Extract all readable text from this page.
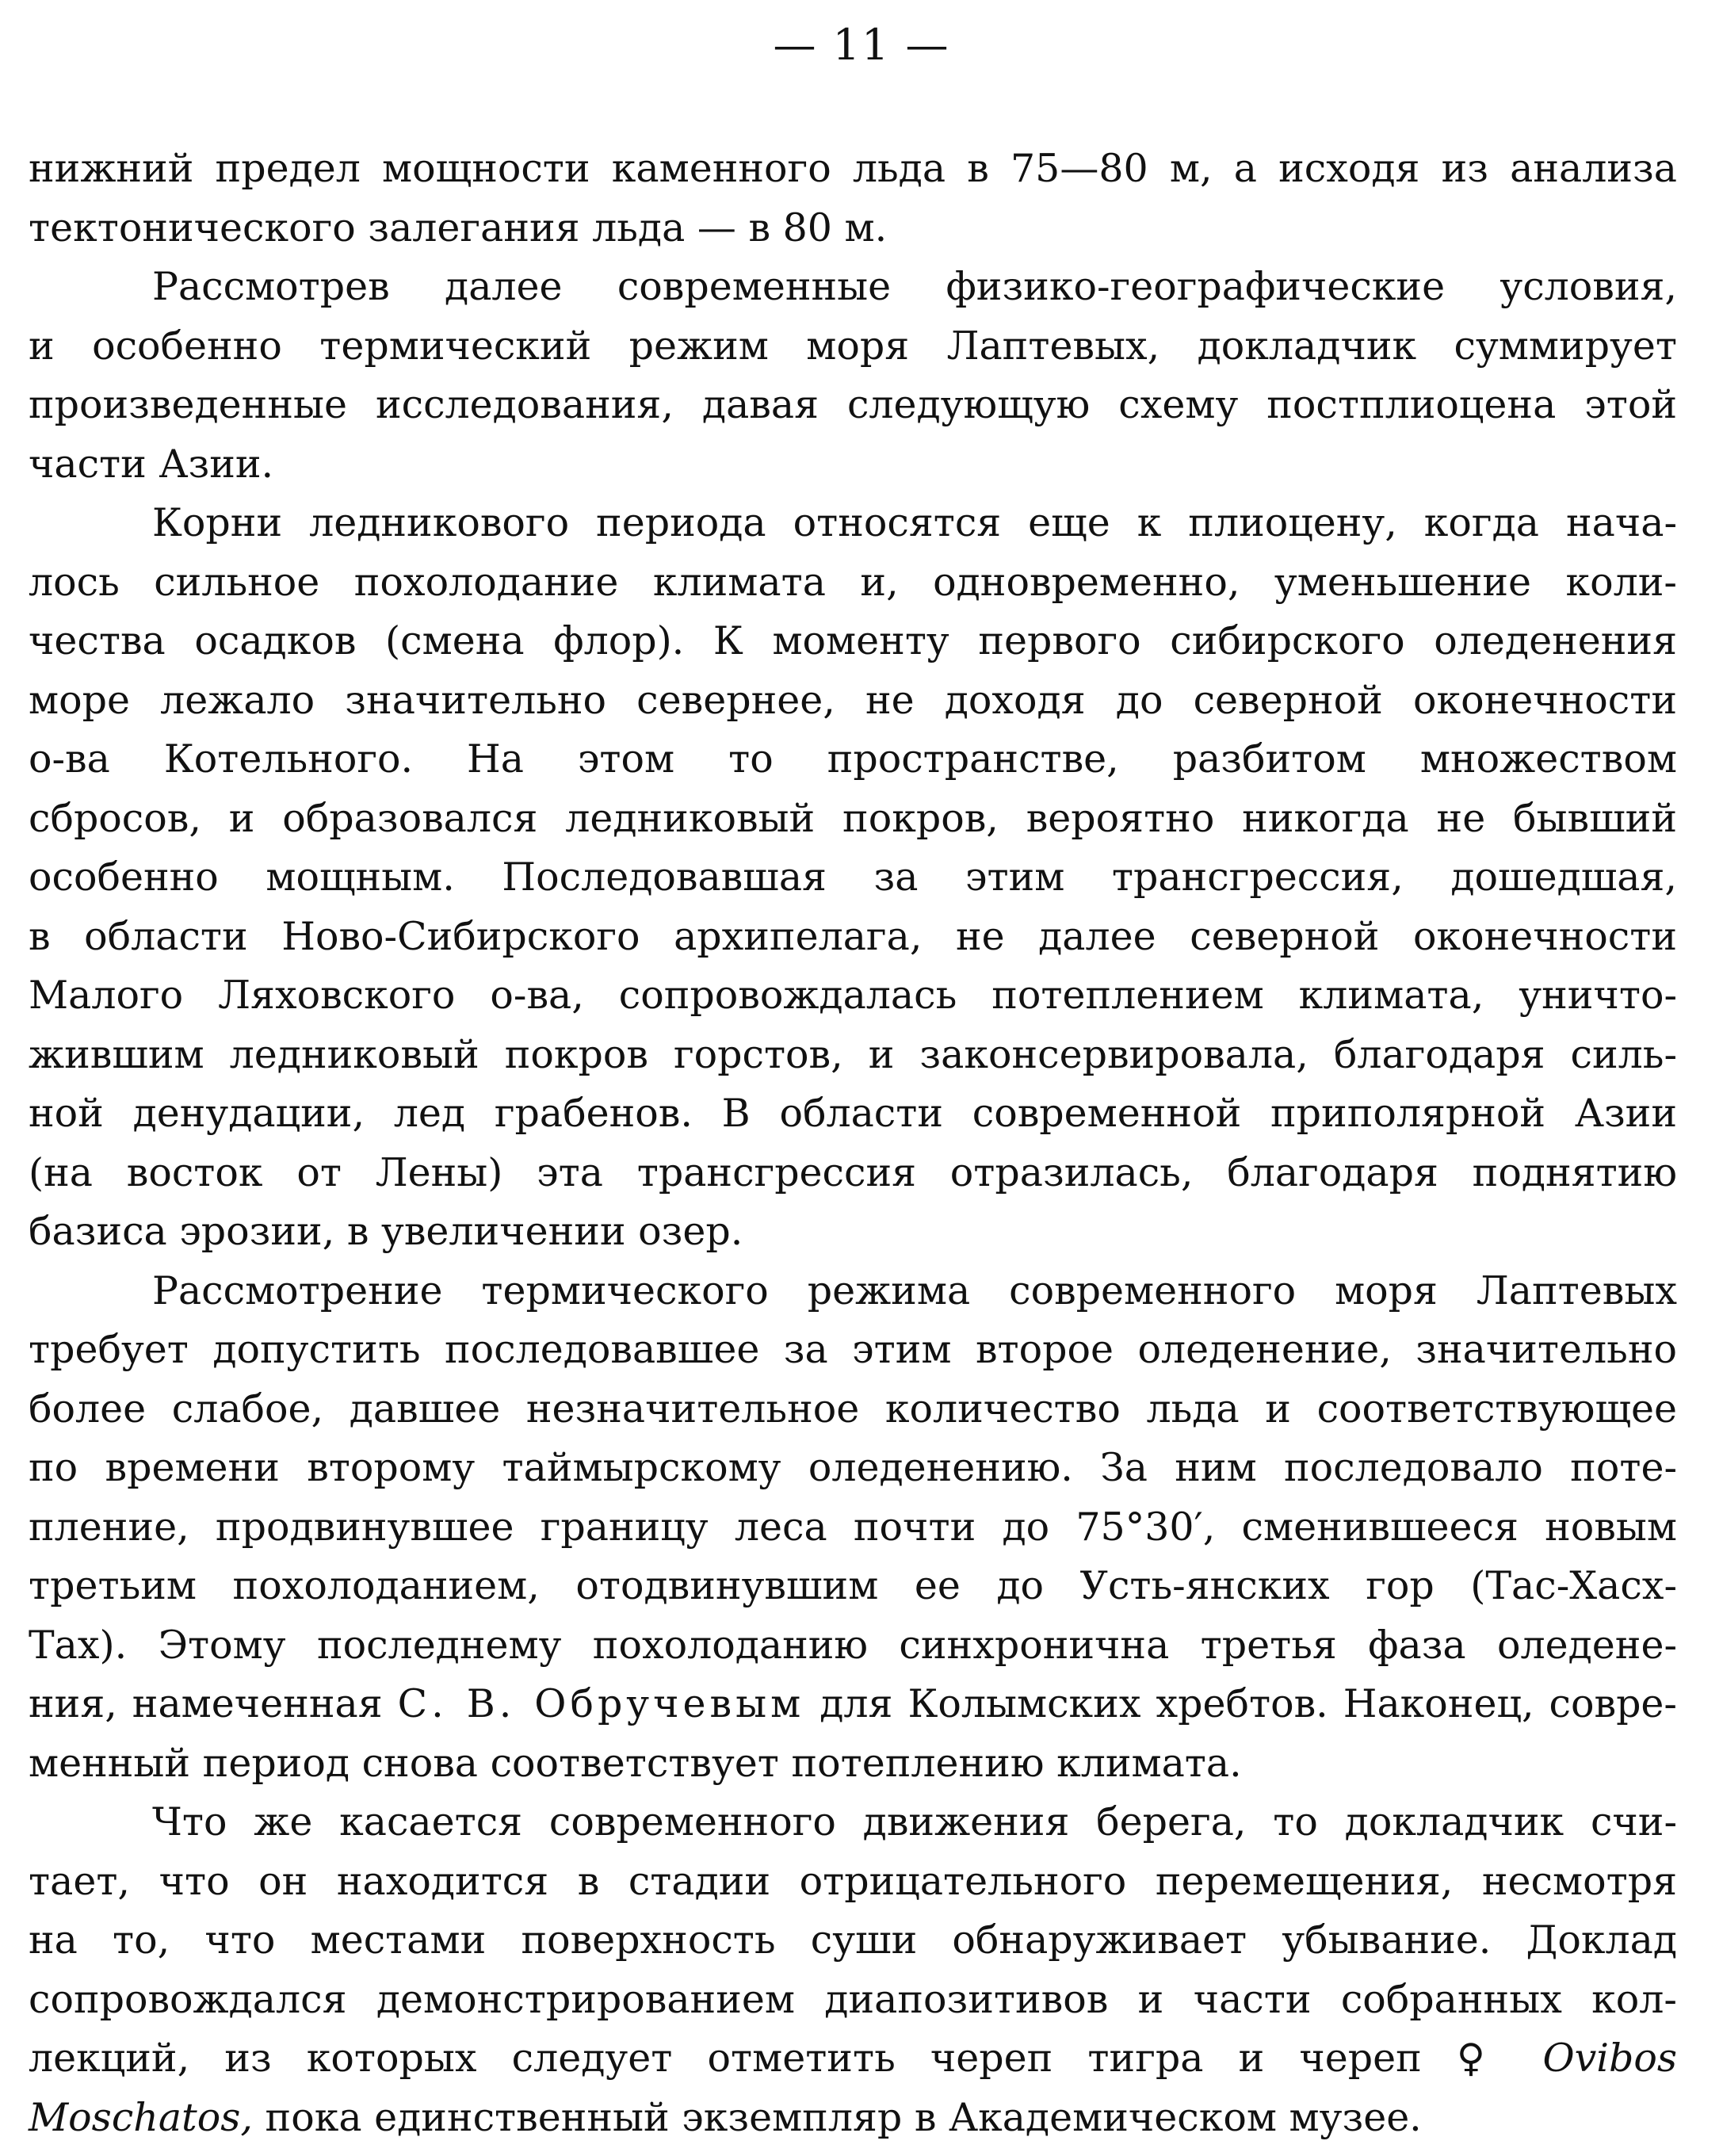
— 11 —
нижний предел мощности каменного льда в 75—80 м, а исходя из анализа
тектонического залегания льда — в 80 м.
Рассмотрев далее современные физико-географические условия,
и особенно термический режим моря Лаптевых, докладчик суммирует
произведенные исследования, давая следующую схему постплиоцена этой
части Азии.
Корни ледникового периода относятся еще к плиоцену, когда нача-
лось сильное похолодание климата и, одновременно, уменьшение коли-
чества осадков (смена флор). К моменту первого сибирского оледенения
море лежало значительно севернее, не доходя до северной оконечности
о-ва Котельного. На этом то пространстве, разбитом множеством
сбросов, и образовался ледниковый покров, вероятно никогда не бывший
особенно мощным. Последовавшая за этим трансгрессия, дошедшая,
в области Ново-Сибирского архипелага, не далее северной оконечности
Малого Ляховского о-ва, сопровождалась потеплением климата, уничто-
жившим ледниковый покров горстов, и законсервировала, благодаря силь-
ной денудации, лед грабенов. В области современной приполярной Азии
(на восток от Лены) эта трансгрессия отразилась, благодаря поднятию
базиса эрозии, в увеличении озер.
Рассмотрение термического режима современного моря Лаптевых
требует допустить последовавшее за этим второе оледенение, значительно
более слабое, давшее незначительное количество льда и соответствующее
по времени второму таймырскому оледенению. За ним последовало поте-
пление, продвинувшее границу леса почти до 75°30′, сменившееся новым
третьим похолоданием, отодвинувшим ее до Усть-янских гор (Тас-Хасх-
Тах). Этому последнему похолоданию синхронична третья фаза оледене-
ния, намеченная С. В. Обручевым для Колымских хребтов. Наконец, совре-
менный период снова соответствует потеплению климата.
Что же касается современного движения берега, то докладчик счи-
тает, что он находится в стадии отрицательного перемещения, несмотря
на то, что местами поверхность суши обнаруживает убывание. Доклад
сопровождался демонстрированием диапозитивов и части собранных кол-
лекций, из которых следует отметить череп тигра и череп ♀ Ovibos
Moschatos, пока единственный экземпляр в Академическом музее.
